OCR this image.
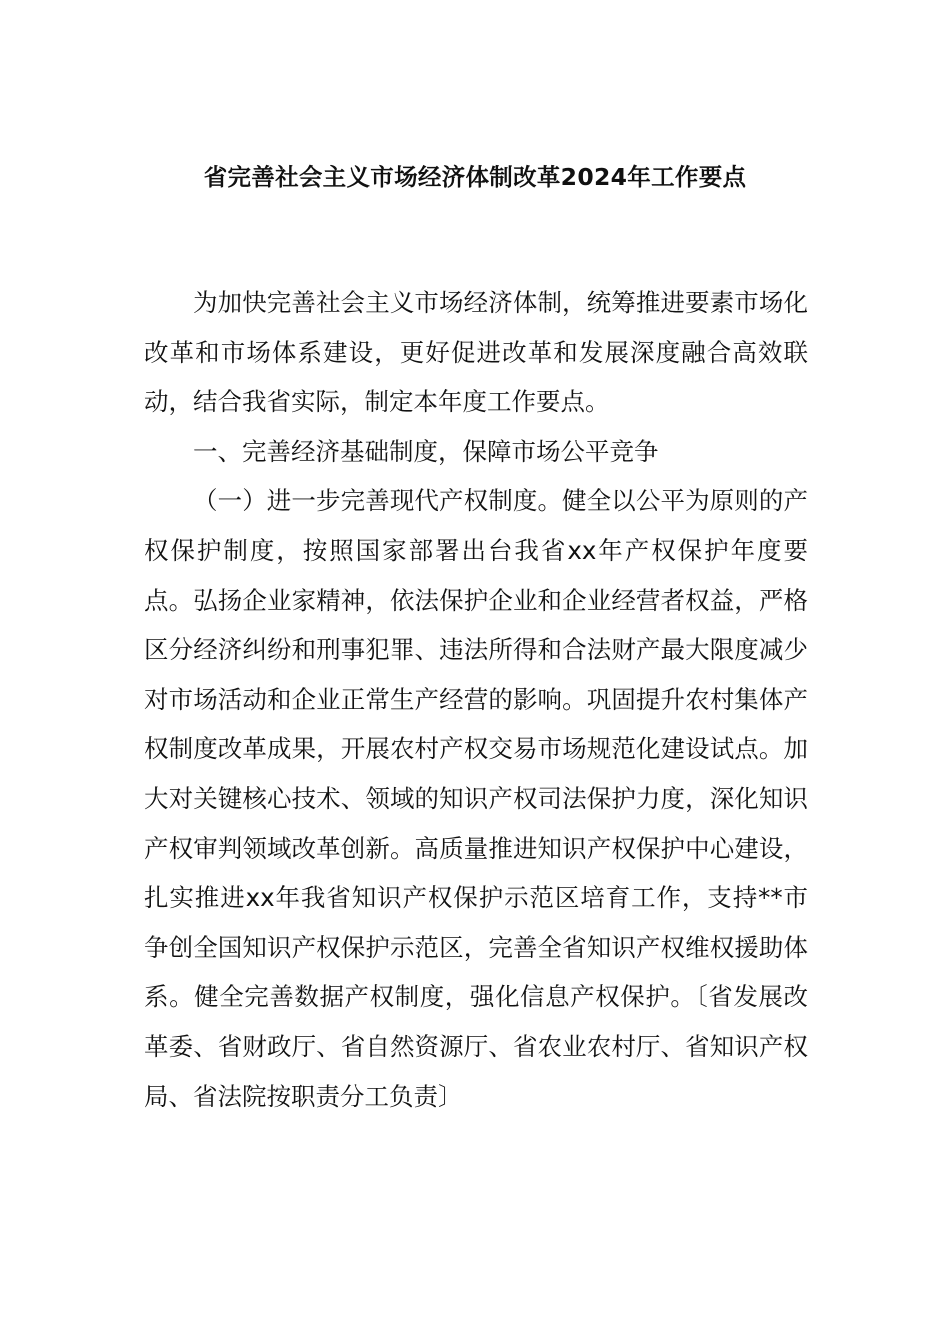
省完善社会主义市场经济体制改革2024年工作要点

为加快完善社会主义市场经济体制，统筹推进要素市场化改革和市场体系建设，更好促进改革和发展深度融合高效联动，结合我省实际，制定本年度工作要点。

一、完善经济基础制度，保障市场公平竞争

（一）进一步完善现代产权制度。健全以公平为原则的产权保护制度，按照国家部署出台我省xx年产权保护年度要点。弘扬企业家精神，依法保护企业和企业经营者权益，严格区分经济纠纷和刑事犯罪、违法所得和合法财产最大限度减少对市场活动和企业正常生产经营的影响。巩固提升农村集体产权制度改革成果，开展农村产权交易市场规范化建设试点。加大对关键核心技术、领域的知识产权司法保护力度，深化知识产权审判领域改革创新。高质量推进知识产权保护中心建设，扎实推进xx年我省知识产权保护示范区培育工作，支持**市争创全国知识产权保护示范区，完善全省知识产权维权援助体系。健全完善数据产权制度，强化信息产权保护。〔省发展改革委、省财政厅、省自然资源厅、省农业农村厅、省知识产权局、省法院按职责分工负责〕
